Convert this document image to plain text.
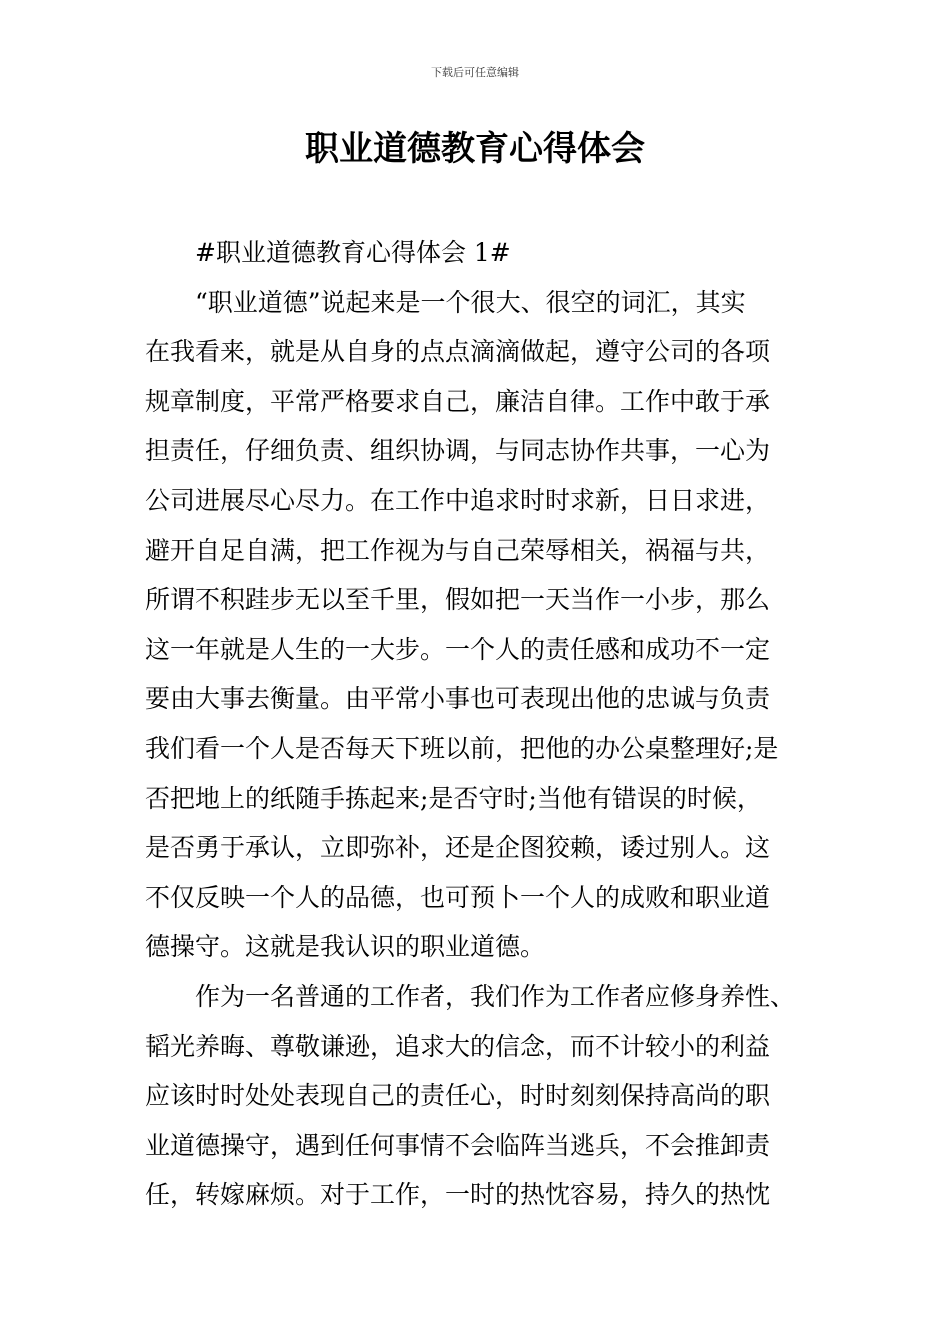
下载后可任意编辑
职业道德教育心得体会
#职业道德教育心得体会 1#
“职业道德”说起来是一个很大、很空的词汇，其实
在我看来，就是从自身的点点滴滴做起，遵守公司的各项
规章制度，平常严格要求自己，廉洁自律。工作中敢于承
担责任，仔细负责、组织协调，与同志协作共事，一心为
公司进展尽心尽力。在工作中追求时时求新，日日求进，
避开自足自满，把工作视为与自己荣辱相关，祸福与共，
所谓不积跬步无以至千里，假如把一天当作一小步，那么
这一年就是人生的一大步。一个人的责任感和成功不一定
要由大事去衡量。由平常小事也可表现出他的忠诚与负责
我们看一个人是否每天下班以前，把他的办公桌整理好;是
否把地上的纸随手拣起来;是否守时;当他有错误的时候，
是否勇于承认，立即弥补，还是企图狡赖，诿过别人。这
不仅反映一个人的品德，也可预卜一个人的成败和职业道
德操守。这就是我认识的职业道德。
作为一名普通的工作者，我们作为工作者应修身养性、
韬光养晦、尊敬谦逊，追求大的信念，而不计较小的利益
应该时时处处表现自己的责任心，时时刻刻保持高尚的职
业道德操守，遇到任何事情不会临阵当逃兵，不会推卸责
任，转嫁麻烦。对于工作，一时的热忱容易，持久的热忱
